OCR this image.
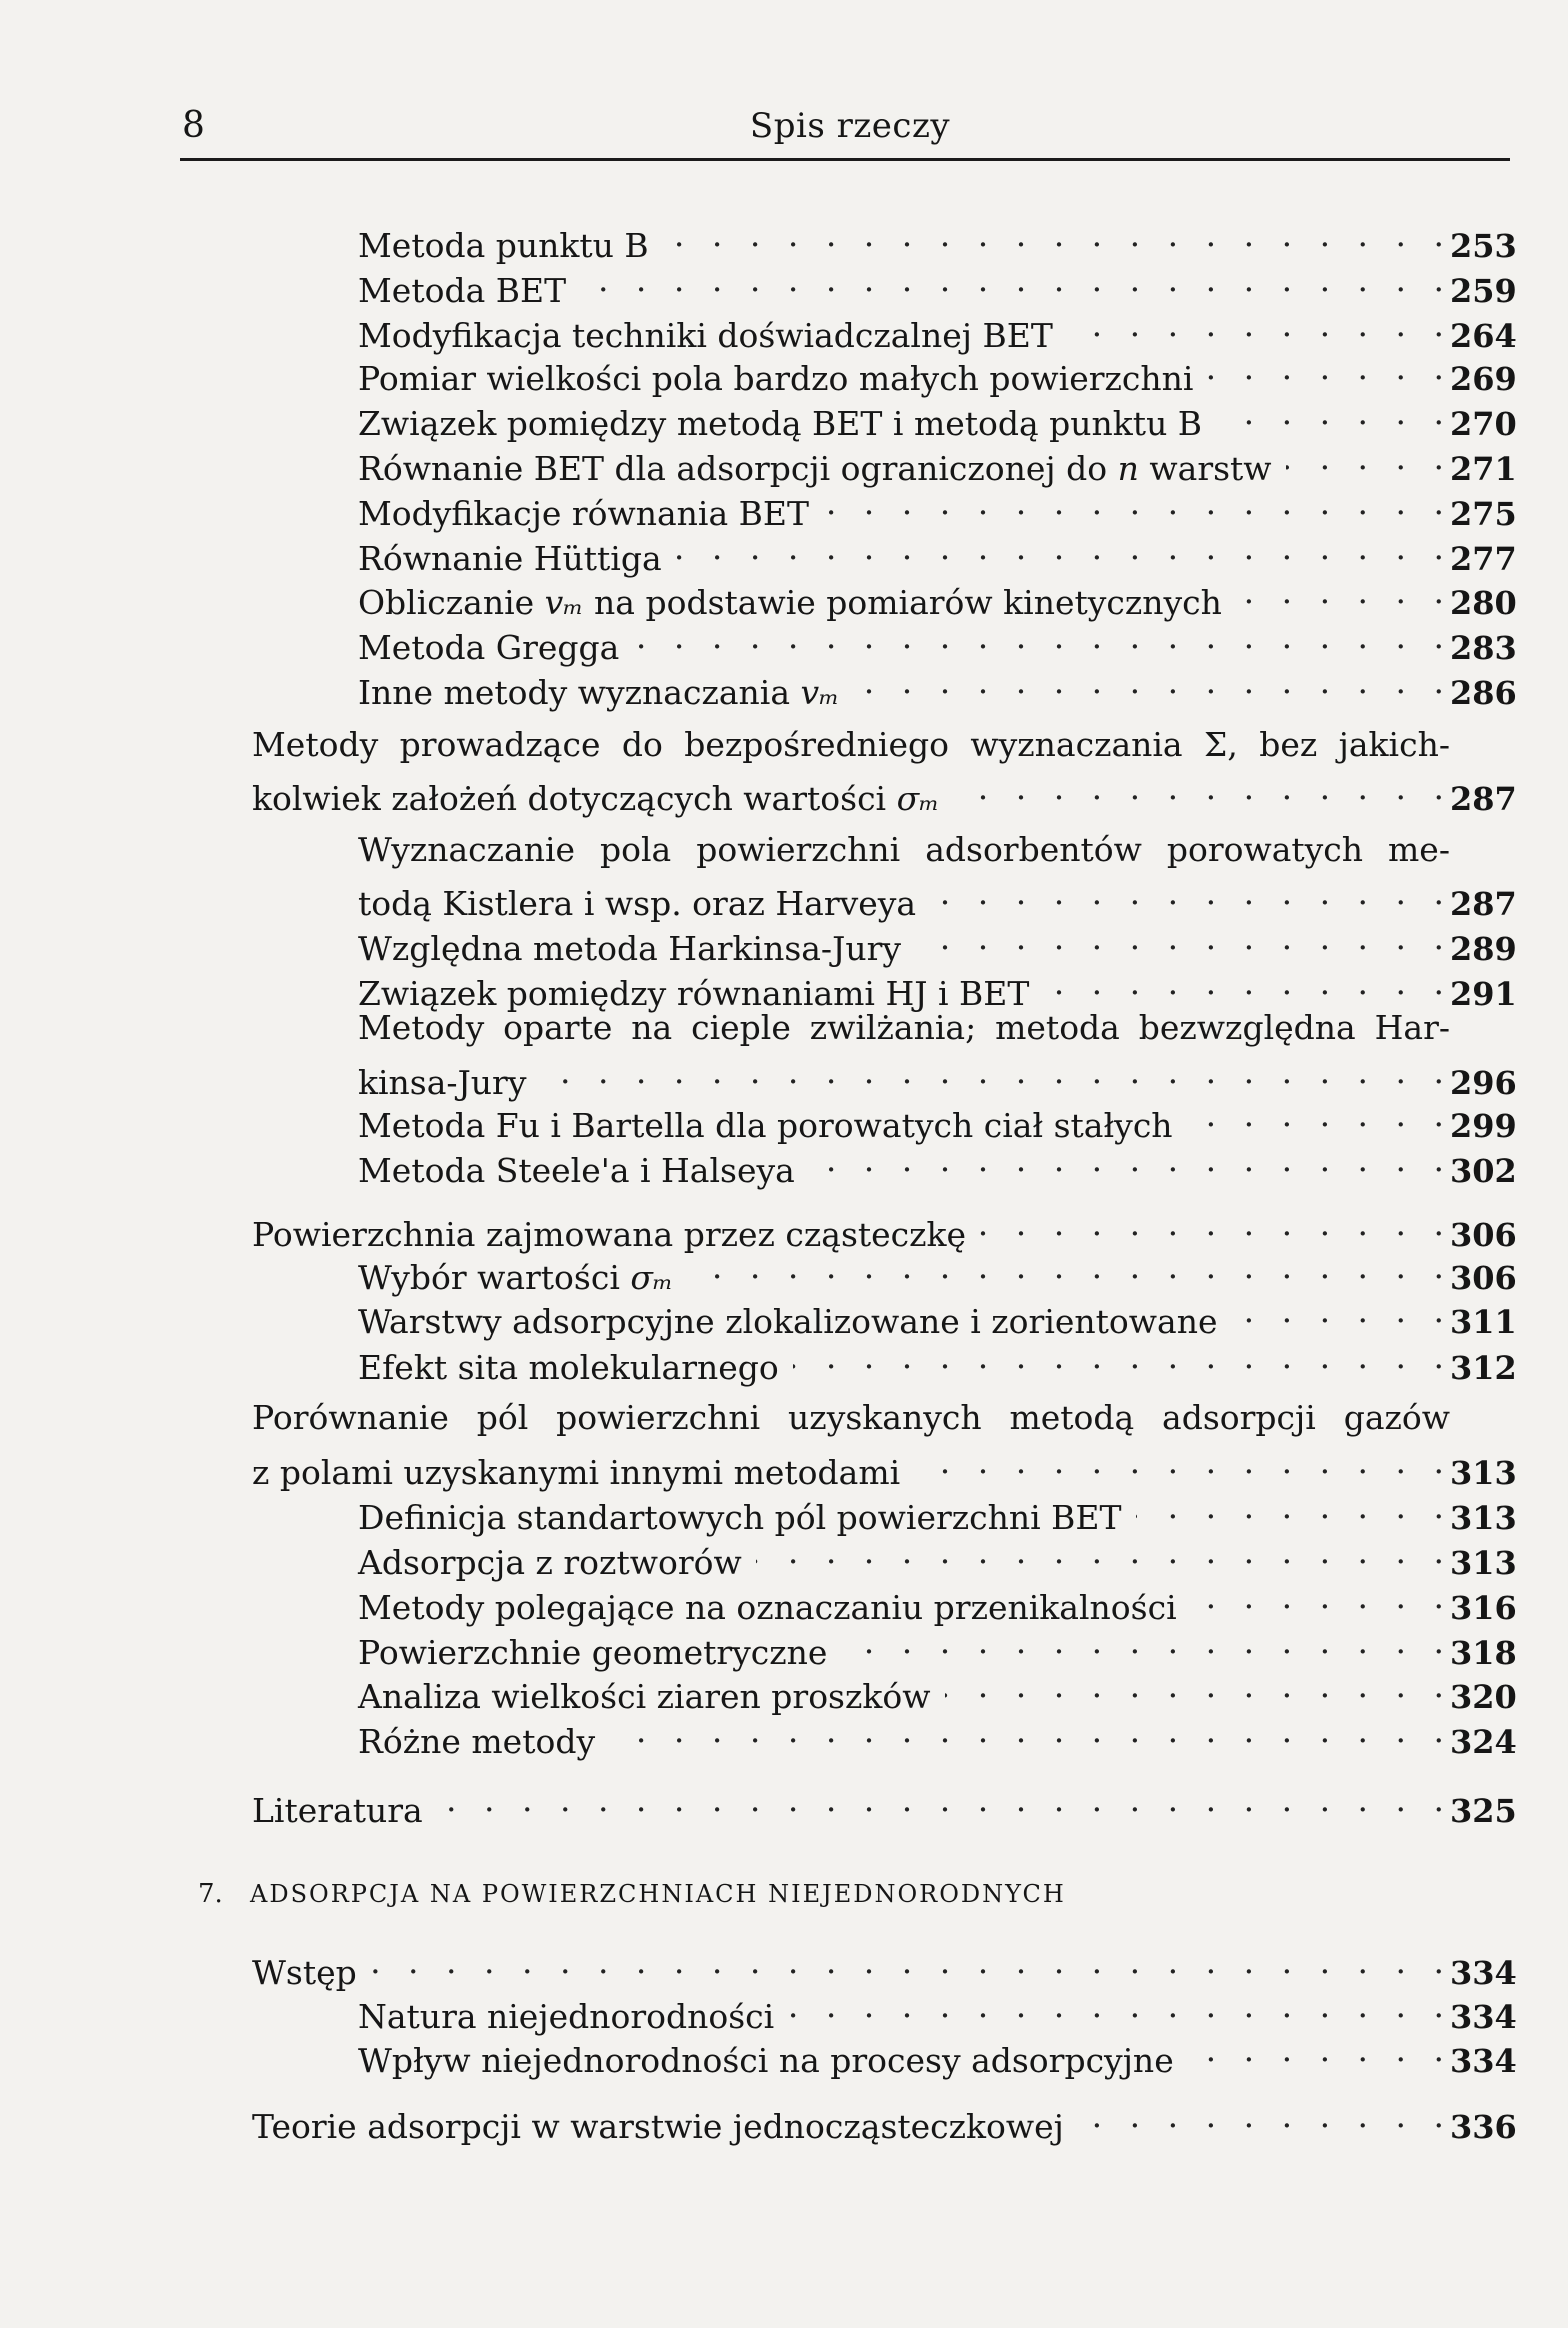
8	Spis rzeczy
Metoda punktu B . . .	253
Metoda BET . . .	259
Modyfikacja techniki doświadczalnej BET . . .	264
Pomiar wielkości pola bardzo małych powierzchni . . .	269
Związek pomiędzy metodą BET i metodą punktu B . . .	270
Równanie BET dla adsorpcji ograniczonej do n warstw . . .	271
Modyfikacje równania BET . . .	275
Równanie Hüttiga . . .	277
Obliczanie vₘ na podstawie pomiarów kinetycznych . . .	280
Metoda Gregga . . .	283
Inne metody wyznaczania vₘ . . .	286
Metody prowadzące do bezpośredniego wyznaczania Σ, bez jakich-
kolwiek założeń dotyczących wartości σₘ . . .	287
Wyznaczanie pola powierzchni adsorbentów porowatych me-
todą Kistlera i wsp. oraz Harveya . . .	287
Względna metoda Harkinsa-Jury . . .	289
Związek pomiędzy równaniami HJ i BET . . .	291
Metody oparte na cieple zwilżania; metoda bezwzględna Har-
kinsa-Jury . . .	296
Metoda Fu i Bartella dla porowatych ciał stałych . . .	299
Metoda Steele'a i Halseya . . .	302
Powierzchnia zajmowana przez cząsteczkę . . .	306
Wybór wartości σₘ . . .	306
Warstwy adsorpcyjne zlokalizowane i zorientowane . . .	311
Efekt sita molekularnego . . .	312
Porównanie pól powierzchni uzyskanych metodą adsorpcji gazów
z polami uzyskanymi innymi metodami . . .	313
Definicja standartowych pól powierzchni BET . . .	313
Adsorpcja z roztworów . . .	313
Metody polegające na oznaczaniu przenikalności . . .	316
Powierzchnie geometryczne . . .	318
Analiza wielkości ziaren proszków . . .	320
Różne metody . . .	324
Literatura . . .	325
7. ADSORPCJA NA POWIERZCHNIACH NIEJEDNORODNYCH
Wstęp . . .	334
Natura niejednorodności . . .	334
Wpływ niejednorodności na procesy adsorpcyjne . . .	334
Teorie adsorpcji w warstwie jednocząsteczkowej . . .	336
